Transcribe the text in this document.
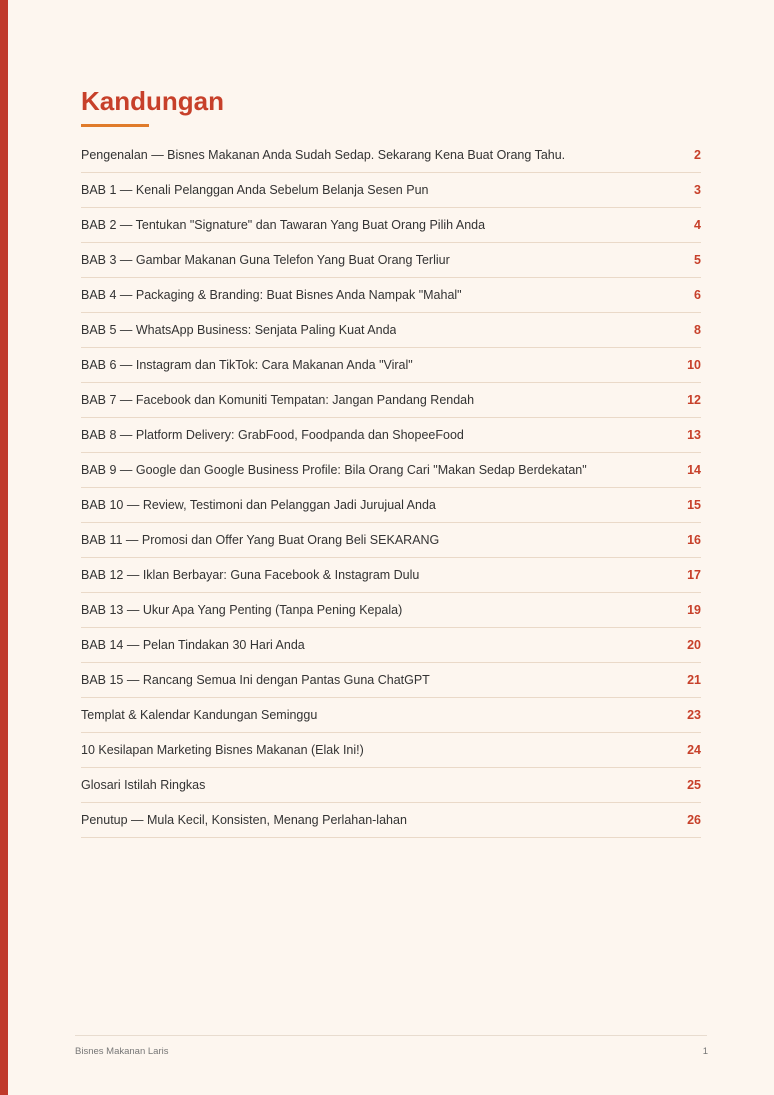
Kandungan
Pengenalan — Bisnes Makanan Anda Sudah Sedap. Sekarang Kena Buat Orang Tahu.	2
BAB 1 — Kenali Pelanggan Anda Sebelum Belanja Sesen Pun	3
BAB 2 — Tentukan "Signature" dan Tawaran Yang Buat Orang Pilih Anda	4
BAB 3 — Gambar Makanan Guna Telefon Yang Buat Orang Terliur	5
BAB 4 — Packaging & Branding: Buat Bisnes Anda Nampak "Mahal"	6
BAB 5 — WhatsApp Business: Senjata Paling Kuat Anda	8
BAB 6 — Instagram dan TikTok: Cara Makanan Anda "Viral"	10
BAB 7 — Facebook dan Komuniti Tempatan: Jangan Pandang Rendah	12
BAB 8 — Platform Delivery: GrabFood, Foodpanda dan ShopeeFood	13
BAB 9 — Google dan Google Business Profile: Bila Orang Cari "Makan Sedap Berdekatan"	14
BAB 10 — Review, Testimoni dan Pelanggan Jadi Jurujual Anda	15
BAB 11 — Promosi dan Offer Yang Buat Orang Beli SEKARANG	16
BAB 12 — Iklan Berbayar: Guna Facebook & Instagram Dulu	17
BAB 13 — Ukur Apa Yang Penting (Tanpa Pening Kepala)	19
BAB 14 — Pelan Tindakan 30 Hari Anda	20
BAB 15 — Rancang Semua Ini dengan Pantas Guna ChatGPT	21
Templat & Kalendar Kandungan Seminggu	23
10 Kesilapan Marketing Bisnes Makanan (Elak Ini!)	24
Glosari Istilah Ringkas	25
Penutup — Mula Kecil, Konsisten, Menang Perlahan-lahan	26
Bisnes Makanan Laris	1
